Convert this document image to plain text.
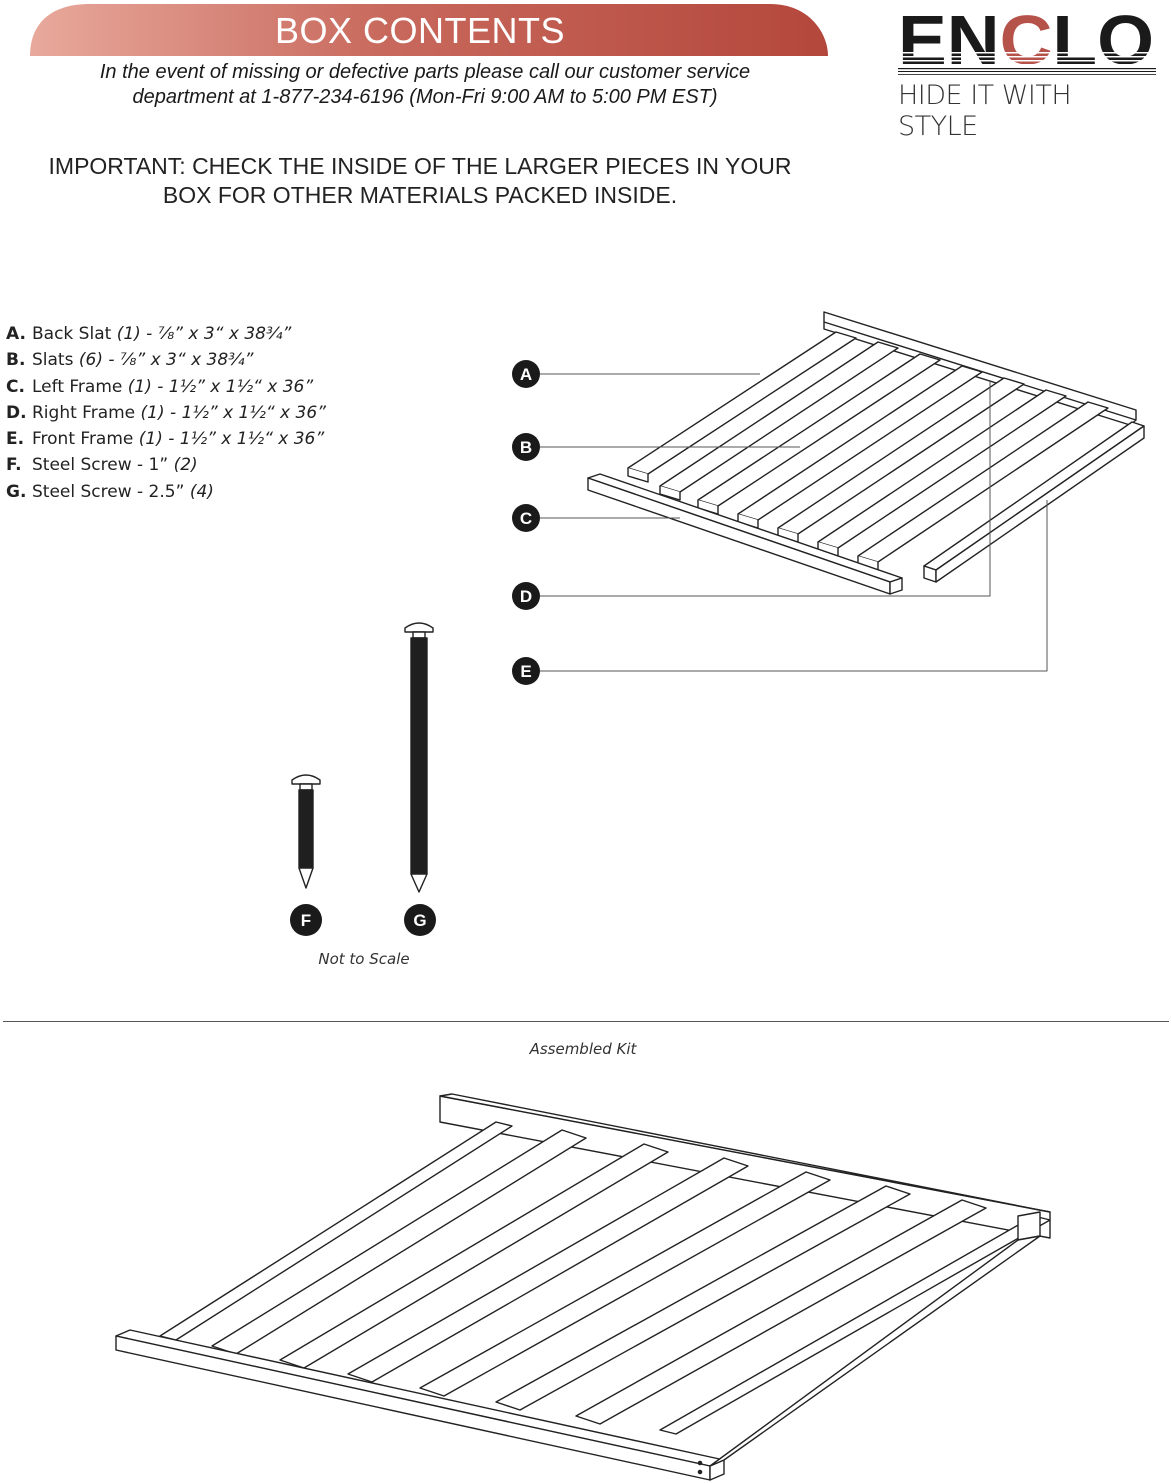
BOX CONTENTS
In the event of missing or defective parts please call our customer service
department at 1-877-234-6196 (Mon-Fri 9:00 AM to 5:00 PM EST)
ENCLO
HIDE IT WITH STYLE
IMPORTANT: CHECK THE INSIDE OF THE LARGER PIECES IN YOUR
BOX FOR OTHER MATERIALS PACKED INSIDE.
A. Back Slat (1) - ⅞” x 3“ x 38¾”
B. Slats (6) - ⅞” x 3“ x 38¾”
C. Left Frame (1) - 1½” x 1½“ x 36”
D. Right Frame (1) - 1½” x 1½“ x 36”
E. Front Frame (1) - 1½” x 1½“ x 36”
F. Steel Screw - 1” (2)
G. Steel Screw - 2.5” (4)
A
B
C
D
E
F	G
Not to Scale
Assembled Kit
